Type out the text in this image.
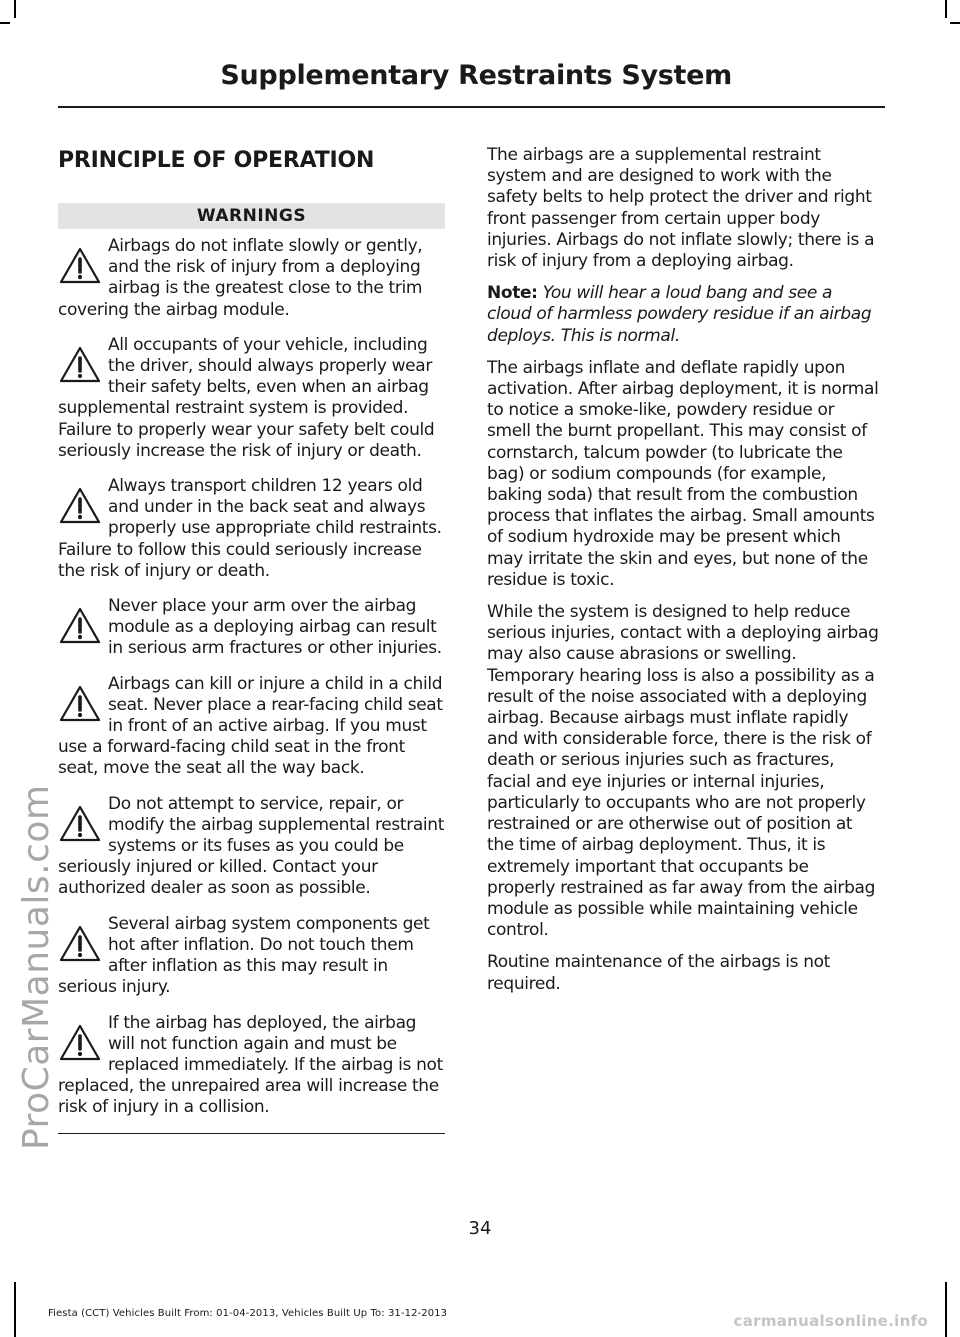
Supplementary Restraints System
ProCarManuals.com
PRINCIPLE OF OPERATION
WARNINGS

Airbags do not inflate slowly or gently, and the risk of injury from a deploying airbag is the greatest close to the trim covering the airbag module.

All occupants of your vehicle, including the driver, should always properly wear their safety belts, even when an airbag supplemental restraint system is provided. Failure to properly wear your safety belt could seriously increase the risk of injury or death.

Always transport children 12 years old and under in the back seat and always properly use appropriate child restraints. Failure to follow this could seriously increase the risk of injury or death.

Never place your arm over the airbag module as a deploying airbag can result in serious arm fractures or other injuries.

Airbags can kill or injure a child in a child seat. Never place a rear-facing child seat in front of an active airbag. If you must use a forward-facing child seat in the front seat, move the seat all the way back.

Do not attempt to service, repair, or modify the airbag supplemental restraint systems or its fuses as you could be seriously injured or killed. Contact your authorized dealer as soon as possible.

Several airbag system components get hot after inflation. Do not touch them after inflation as this may result in serious injury.

If the airbag has deployed, the airbag will not function again and must be replaced immediately. If the airbag is not replaced, the unrepaired area will increase the risk of injury in a collision.

The airbags are a supplemental restraint system and are designed to work with the safety belts to help protect the driver and right front passenger from certain upper body injuries. Airbags do not inflate slowly; there is a risk of injury from a deploying airbag.

Note: You will hear a loud bang and see a cloud of harmless powdery residue if an airbag deploys. This is normal.

The airbags inflate and deflate rapidly upon activation. After airbag deployment, it is normal to notice a smoke-like, powdery residue or smell the burnt propellant. This may consist of cornstarch, talcum powder (to lubricate the bag) or sodium compounds (for example, baking soda) that result from the combustion process that inflates the airbag. Small amounts of sodium hydroxide may be present which may irritate the skin and eyes, but none of the residue is toxic.

While the system is designed to help reduce serious injuries, contact with a deploying airbag may also cause abrasions or swelling. Temporary hearing loss is also a possibility as a result of the noise associated with a deploying airbag. Because airbags must inflate rapidly and with considerable force, there is the risk of death or serious injuries such as fractures, facial and eye injuries or internal injuries, particularly to occupants who are not properly restrained or are otherwise out of position at the time of airbag deployment. Thus, it is extremely important that occupants be properly restrained as far away from the airbag module as possible while maintaining vehicle control.

Routine maintenance of the airbags is not required.

34
Fiesta (CCT) Vehicles Built From: 01-04-2013, Vehicles Built Up To: 31-12-2013	carmanualsonline.info
